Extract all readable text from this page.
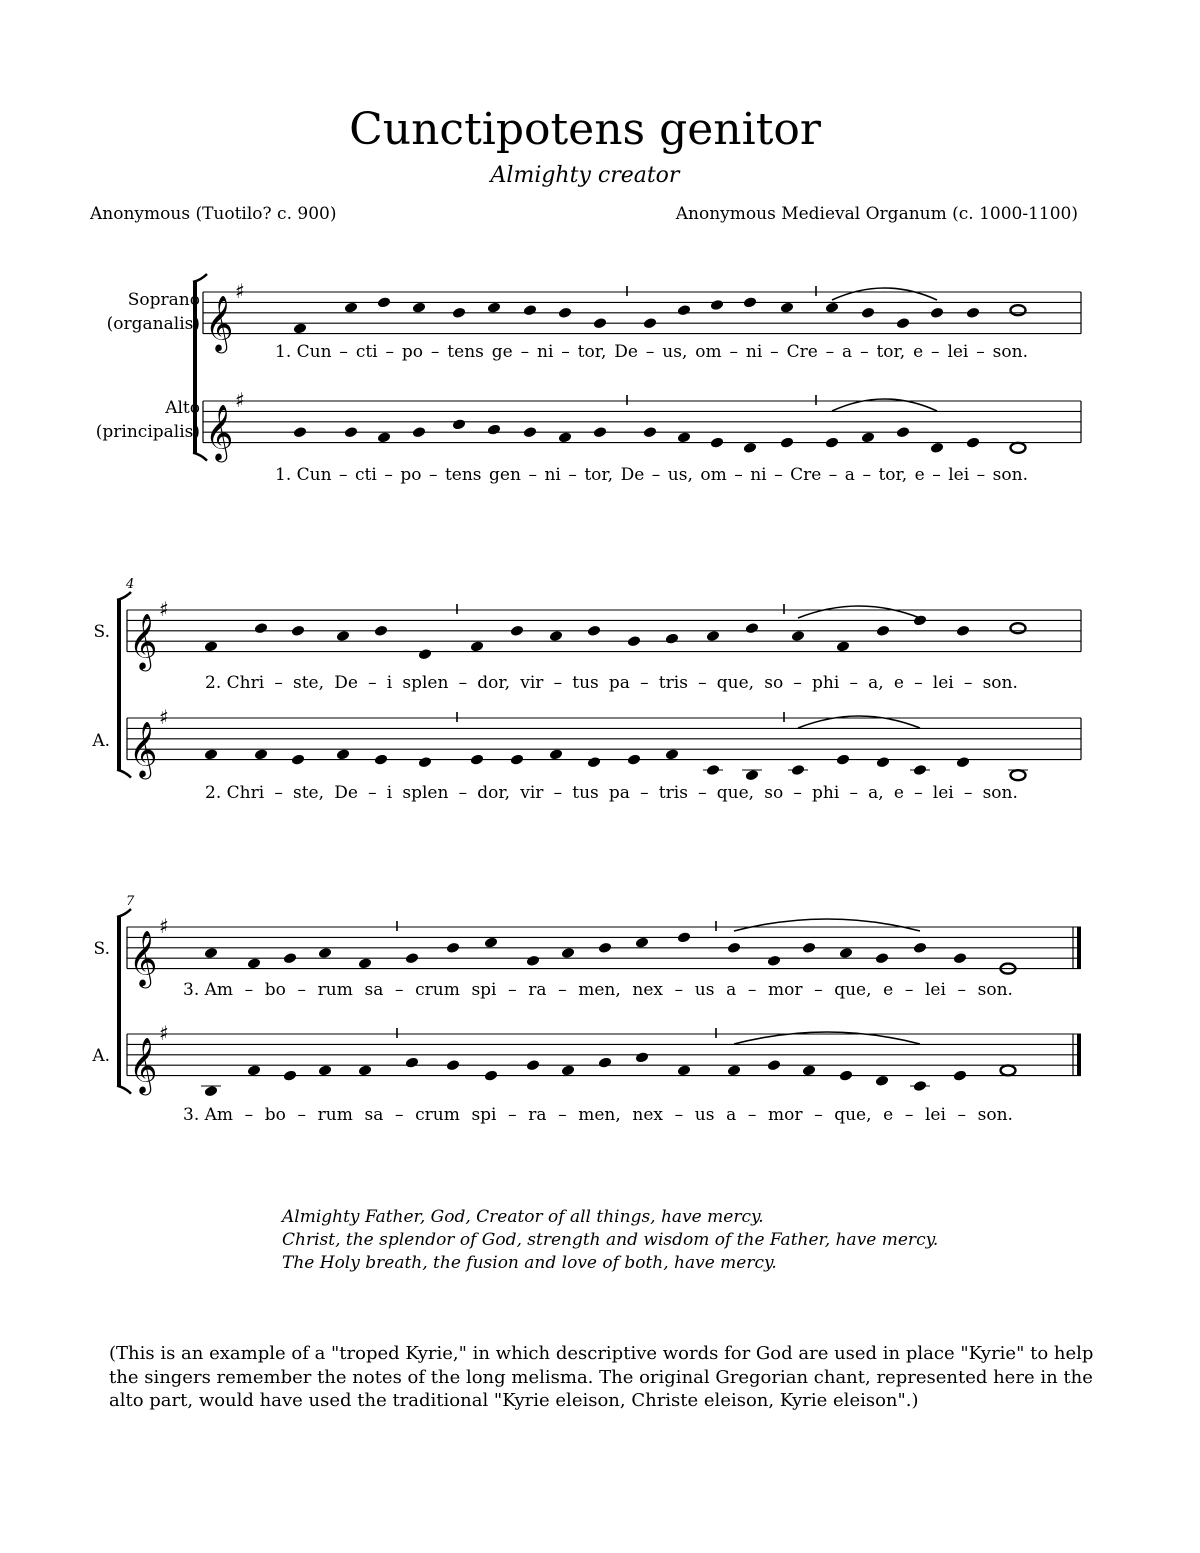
Cunctipotens genitor
Almighty creator
Anonymous (Tuotilo? c. 900)	Anonymous Medieval Organum (c. 1000-1100)
Soprano
(organalis)
Alto
(principalis)
S.
A.
S.
A.
4
7
𝄞
♯
𝄞
♯
𝄞
♯
𝄞
♯
𝄞
♯
𝄞
♯
1. Cun – cti – po – tens ge – ni – tor, De – us, om – ni – Cre – a – tor, e – lei – son.
1. Cun – cti – po – tens gen – ni – tor, De – us, om – ni – Cre – a – tor, e – lei – son.
2. Chri – ste, De – i splen – dor, vir – tus pa – tris – que, so – phi – a, e – lei – son.
2. Chri – ste, De – i splen – dor, vir – tus pa – tris – que, so – phi – a, e – lei – son.
3. Am – bo – rum sa – crum spi – ra – men, nex – us a – mor – que, e – lei – son.
3. Am – bo – rum sa – crum spi – ra – men, nex – us a – mor – que, e – lei – son.
Almighty Father, God, Creator of all things, have mercy.
Christ, the splendor of God, strength and wisdom of the Father, have mercy.
The Holy breath, the fusion and love of both, have mercy.
(This is an example of a "troped Kyrie," in which descriptive words for God are used in place "Kyrie" to help the singers remember the notes of the long melisma. The original Gregorian chant, represented here in the alto part, would have used the traditional "Kyrie eleison, Christe eleison, Kyrie eleison".)
